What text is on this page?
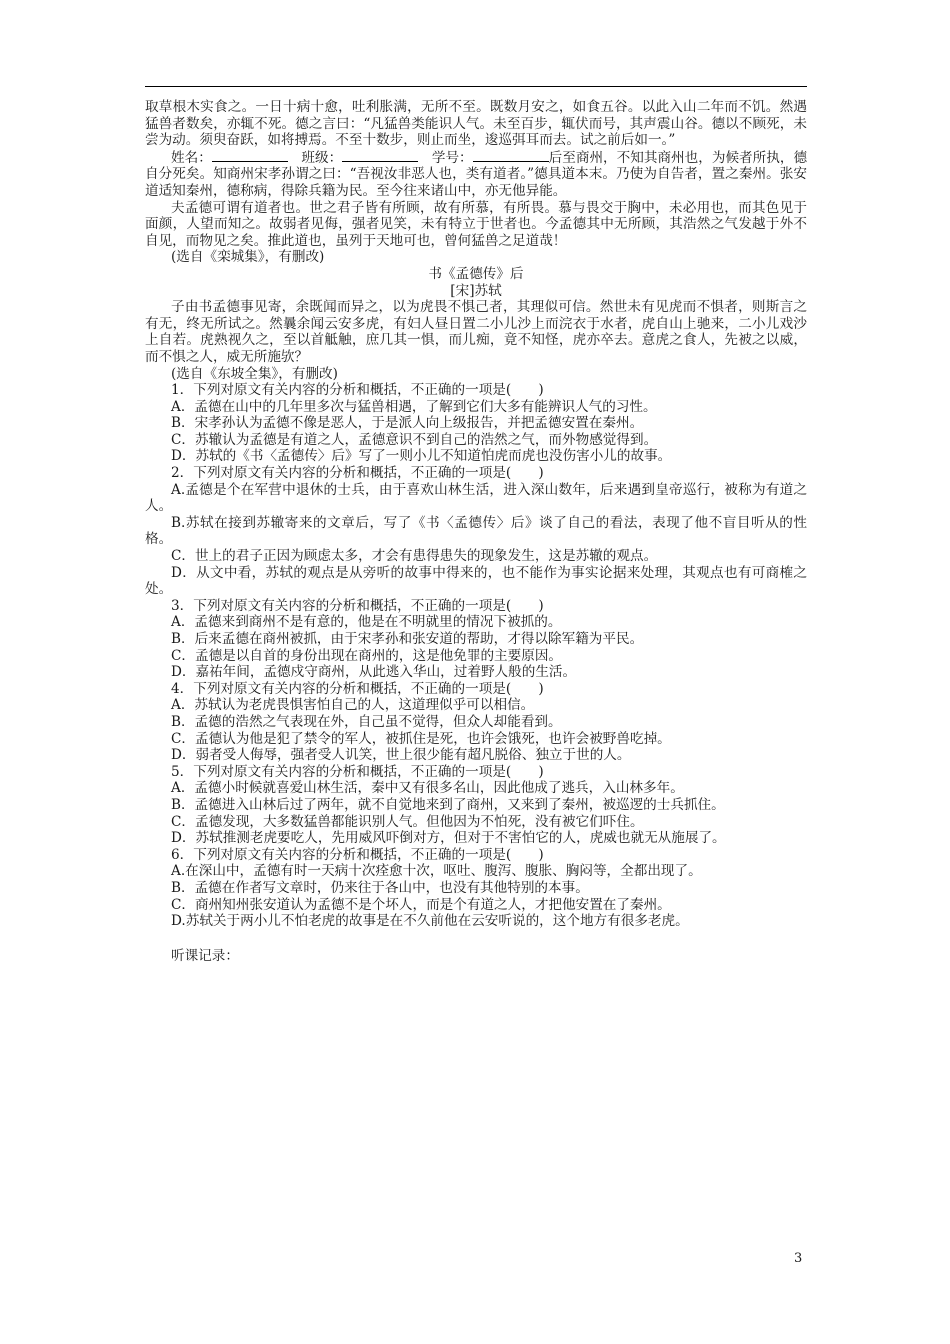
取草根木实食之。一日十病十愈，吐利胀满，无所不至。既数月安之，如食五谷。以此入山二年而不饥。然遇猛兽者数矣，亦辄不死。德之言曰：“凡猛兽类能识人气。未至百步，辄伏而号，其声震山谷。德以不顾死，未尝为动。须臾奋跃，如将搏焉。不至十数步，则止而坐，逡巡弭耳而去。试之前后如一。”

姓名：　	班级：　	学号：	后至商州，不知其商州也，为候者所执，德自分死矣。知商州宋孝孙谓之曰：“吾视汝非恶人也，类有道者。”德具道本末。乃使为自告者，置之秦州。张安道适知秦州，德称病，得除兵籍为民。至今往来诸山中，亦无他异能。

夫孟德可谓有道者也。世之君子皆有所顾，故有所慕，有所畏。慕与畏交于胸中，未必用也，而其色见于面颜，人望而知之。故弱者见侮，强者见笑，未有特立于世者也。今孟德其中无所顾，其浩然之气发越于外不自见，而物见之矣。推此道也，虽列于天地可也，曾何猛兽之足道哉！

(选自《栾城集》，有删改)

书《孟德传》后

[宋]苏轼

子由书孟德事见寄，余既闻而异之，以为虎畏不惧己者，其理似可信。然世未有见虎而不惧者，则斯言之有无，终无所试之。然曩余闻云安多虎，有妇人昼日置二小儿沙上而浣衣于水者，虎自山上驰来，二小儿戏沙上自若。虎熟视久之，至以首觝触，庶几其一惧，而儿痴，竟不知怪，虎亦卒去。意虎之食人，先被之以威，而不惧之人，威无所施欤？

(选自《东坡全集》，有删改)

1．下列对原文有关内容的分析和概括，不正确的一项是(　　)

A．孟德在山中的几年里多次与猛兽相遇，了解到它们大多有能辨识人气的习性。

B．宋孝孙认为孟德不像是恶人，于是派人向上级报告，并把孟德安置在秦州。

C．苏辙认为孟德是有道之人，孟德意识不到自己的浩然之气，而外物感觉得到。

D．苏轼的《书〈孟德传〉后》写了一则小儿不知道怕虎而虎也没伤害小儿的故事。

2．下列对原文有关内容的分析和概括，不正确的一项是(　　)

A.孟德是个在军营中退休的士兵，由于喜欢山林生活，进入深山数年，后来遇到皇帝巡行，被称为有道之人。

B.苏轼在接到苏辙寄来的文章后，写了《书〈孟德传〉后》谈了自己的看法，表现了他不盲目听从的性格。

C．世上的君子正因为顾虑太多，才会有患得患失的现象发生，这是苏辙的观点。

D．从文中看，苏轼的观点是从旁听的故事中得来的，也不能作为事实论据来处理，其观点也有可商榷之处。

3．下列对原文有关内容的分析和概括，不正确的一项是(　　)

A．孟德来到商州不是有意的，他是在不明就里的情况下被抓的。

B．后来孟德在商州被抓，由于宋孝孙和张安道的帮助，才得以除军籍为平民。

C．孟德是以自首的身份出现在商州的，这是他免罪的主要原因。

D．嘉祐年间，孟德戍守商州，从此逃入华山，过着野人般的生活。

4．下列对原文有关内容的分析和概括，不正确的一项是(　　)

A．苏轼认为老虎畏惧害怕自己的人，这道理似乎可以相信。

B．孟德的浩然之气表现在外，自己虽不觉得，但众人却能看到。

C．孟德认为他是犯了禁令的军人，被抓住是死，也许会饿死，也许会被野兽吃掉。

D．弱者受人侮辱，强者受人讥笑，世上很少能有超凡脱俗、独立于世的人。

5．下列对原文有关内容的分析和概括，不正确的一项是(　　)

A．孟德小时候就喜爱山林生活，秦中又有很多名山，因此他成了逃兵，入山林多年。

B．孟德进入山林后过了两年，就不自觉地来到了商州，又来到了秦州，被巡逻的士兵抓住。

C．孟德发现，大多数猛兽都能识别人气。但他因为不怕死，没有被它们吓住。

D．苏轼推测老虎要吃人，先用威风吓倒对方，但对于不害怕它的人，虎威也就无从施展了。

6．下列对原文有关内容的分析和概括，不正确的一项是(　　)

A.在深山中，孟德有时一天病十次痊愈十次，呕吐、腹泻、腹胀、胸闷等，全都出现了。

B．孟德在作者写文章时，仍来往于各山中，也没有其他特别的本事。

C．商州知州张安道认为孟德不是个坏人，而是个有道之人，才把他安置在了秦州。

D.苏轼关于两小儿不怕老虎的故事是在不久前他在云安听说的，这个地方有很多老虎。

听课记录：

3
